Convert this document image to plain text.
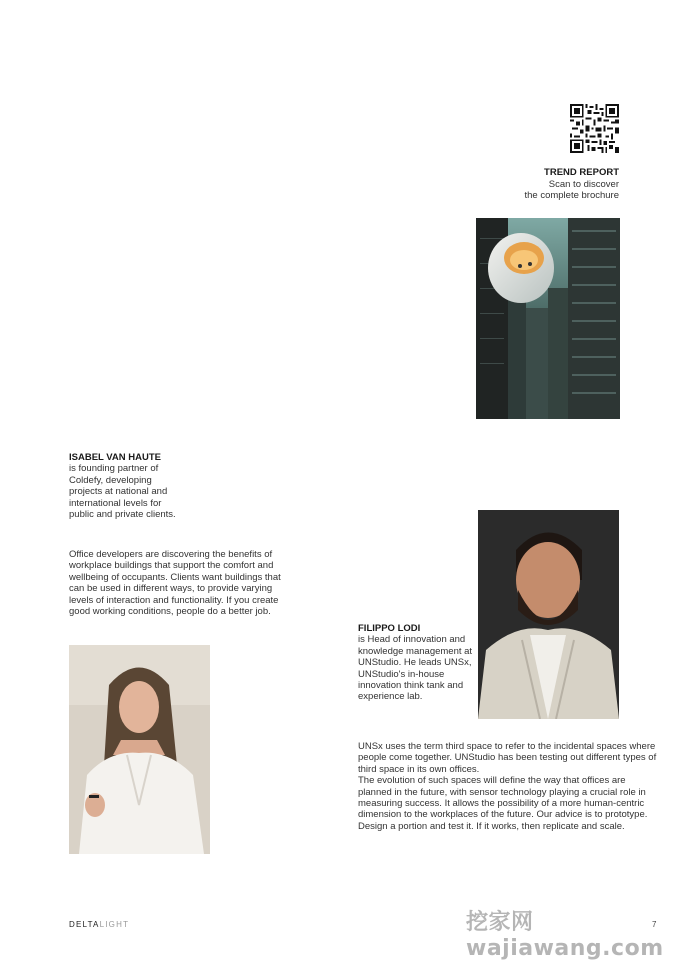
TREND REPORT
Scan to discover
the complete brochure
ISABEL VAN HAUTE
is founding partner of Coldefy, developing projects at national and international levels for public and private clients.
Office developers are discovering the benefits of workplace buildings that support the comfort and wellbeing of occupants. Clients want buildings that can be used in different ways, to provide varying levels of interaction and functionality. If you create good working conditions, people do a better job.
FILIPPO LODI
is Head of innovation and knowledge management at UNStudio. He leads UNSx, UNStudio's in-house innovation think tank and experience lab.
UNSx uses the term third space to refer to the incidental spaces where people come together. UNStudio has been testing out different types of third space in its own offices.
The evolution of such spaces will define the way that offices are planned in the future, with sensor technology playing a crucial role in measuring success. It allows the possibility of a more human-centric dimension to the workplaces of the future. Our advice is to prototype. Design a portion and test it. If it works, then replicate and scale.
DELTALIGHT	挖家网 wajiawang.com
7
